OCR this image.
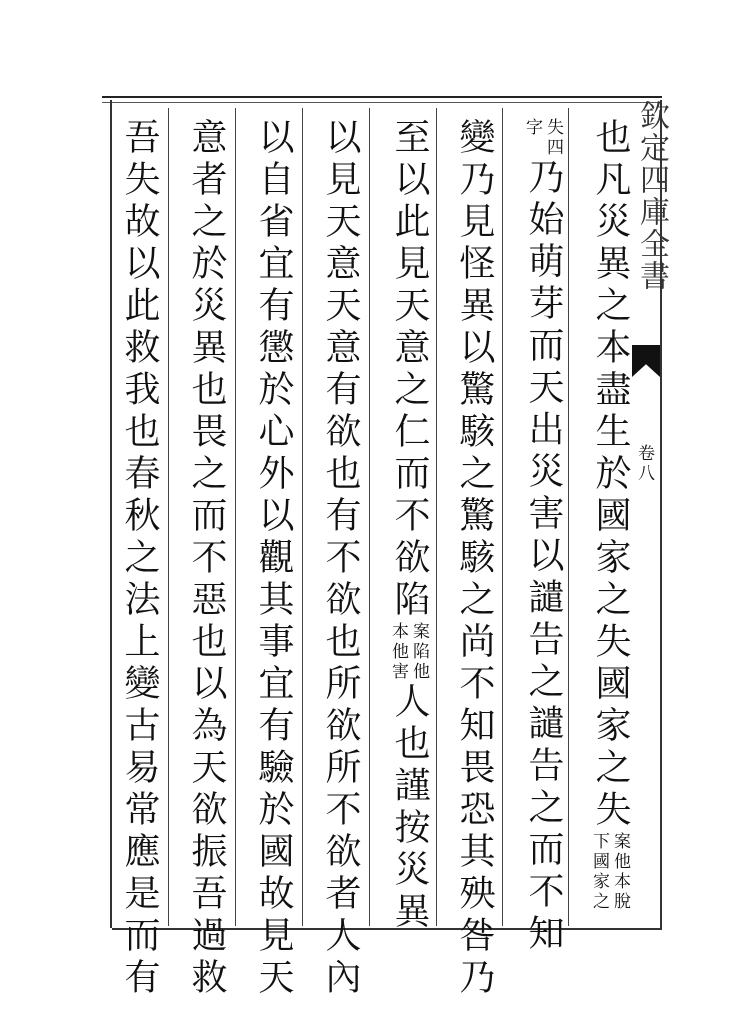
欽定四庫全書
卷八
也凡災異之本盡生於國家之失國家之失
案他本脫
下國家之
失四
字
乃始萌芽而天出災害以譴告之譴告之而不知
變乃見怪異以驚駭之驚駭之尚不知畏恐其殃咎乃
至以此見天意之仁而不欲陷
案陷他
本他害
人也謹按災異
以見天意天意有欲也有不欲也所欲所不欲者人內
以自省宜有懲於心外以觀其事宜有驗於國故見天
意者之於災異也畏之而不惡也以為天欲振吾過救
吾失故以此救我也春秋之法上變古易常應是而有
